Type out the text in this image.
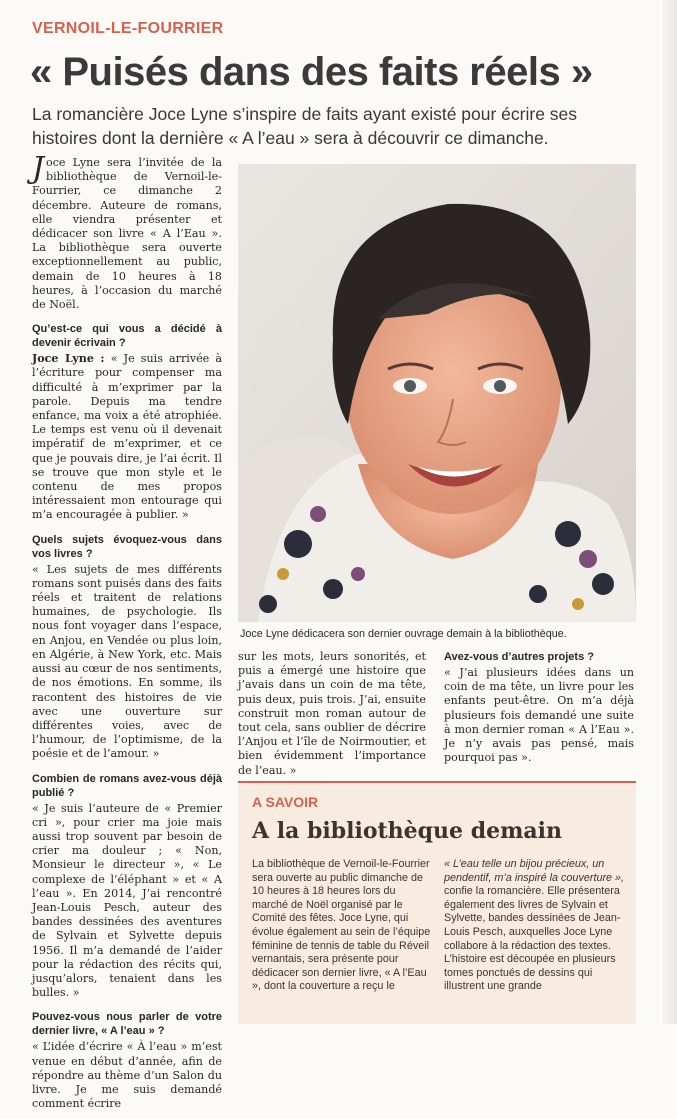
VERNOIL-LE-FOURRIER
« Puisés dans des faits réels »
La romancière Joce Lyne s’inspire de faits ayant existé pour écrire ses histoires dont la dernière « A l’eau » sera à découvrir ce dimanche.

Joce Lyne sera l’invitée de la bibliothèque de Vernoil-le-Fourrier, ce dimanche 2 décembre. Auteure de romans, elle viendra présenter et dédicacer son livre « A l’Eau ». La bibliothèque sera ouverte exceptionnellement au public, demain de 10 heures à 18 heures, à l’occasion du marché de Noël.

Qu’est-ce qui vous a décidé à devenir écrivain ?

Joce Lyne : « Je suis arrivée à l’écriture pour compenser ma difficulté à m’exprimer par la parole. Depuis ma tendre enfance, ma voix a été atrophiée. Le temps est venu où il devenait impératif de m’exprimer, et ce que je pouvais dire, je l’ai écrit. Il se trouve que mon style et le contenu de mes propos intéressaient mon entourage qui m’a encouragée à publier. »

Quels sujets évoquez-vous dans vos livres ?

« Les sujets de mes différents romans sont puisés dans des faits réels et traitent de relations humaines, de psychologie. Ils nous font voyager dans l’espace, en Anjou, en Vendée ou plus loin, en Algérie, à New York, etc. Mais aussi au cœur de nos sentiments, de nos émotions. En somme, ils racontent des histoires de vie avec une ouverture sur différentes voies, avec de l’humour, de l’optimisme, de la poésie et de l’amour. »

Combien de romans avez-vous déjà publié ?

« Je suis l’auteure de « Premier cri », pour crier ma joie mais aussi trop souvent par besoin de crier ma douleur ; « Non, Monsieur le directeur », « Le complexe de l’éléphant » et « A l’eau ». En 2014, J’ai rencontré Jean-Louis Pesch, auteur des bandes dessinées des aventures de Sylvain et Sylvette depuis 1956. Il m’a demandé de l’aider pour la rédaction des récits qui, jusqu’alors, tenaient dans les bulles. »

Pouvez-vous nous parler de votre dernier livre, « A l’eau » ?

« L’idée d’écrire « À l’eau » m’est venue en début d’année, afin de répondre au thème d’un Salon du livre. Je me suis demandé comment écrire

Joce Lyne dédicacera son dernier ouvrage demain à la bibliothèque.

sur les mots, leurs sonorités, et puis a émergé une histoire que j’avais dans un coin de ma tête, puis deux, puis trois. J’ai, ensuite construit mon roman autour de tout cela, sans oublier de décrire l’Anjou et l’île de Noirmoutier, et bien évidemment l’importance de l’eau. »

Avez-vous d’autres projets ?

« J’ai plusieurs idées dans un coin de ma tête, un livre pour les enfants peut-être. On m’a déjà plusieurs fois demandé une suite à mon dernier roman « A l’Eau ». Je n’y avais pas pensé, mais pourquoi pas ».

A SAVOIR
A la bibliothèque demain
La bibliothèque de Vernoil-le-Fourrier sera ouverte au public dimanche de 10 heures à 18 heures lors du marché de Noël organisé par le Comité des fêtes. Joce Lyne, qui évolue également au sein de l’équipe féminine de tennis de table du Réveil vernantais, sera présente pour dédicacer son dernier livre, « A l’Eau », dont la couverture a reçu le
« L’eau telle un bijou précieux, un pendentif, m’a inspiré la couverture », confie la romancière. Elle présentera également des livres de Sylvain et Sylvette, bandes dessinées de Jean-Louis Pesch, auxquelles Joce Lyne collabore à la rédaction des textes. L’histoire est découpée en plusieurs tomes ponctués de dessins qui illustrent une grande
